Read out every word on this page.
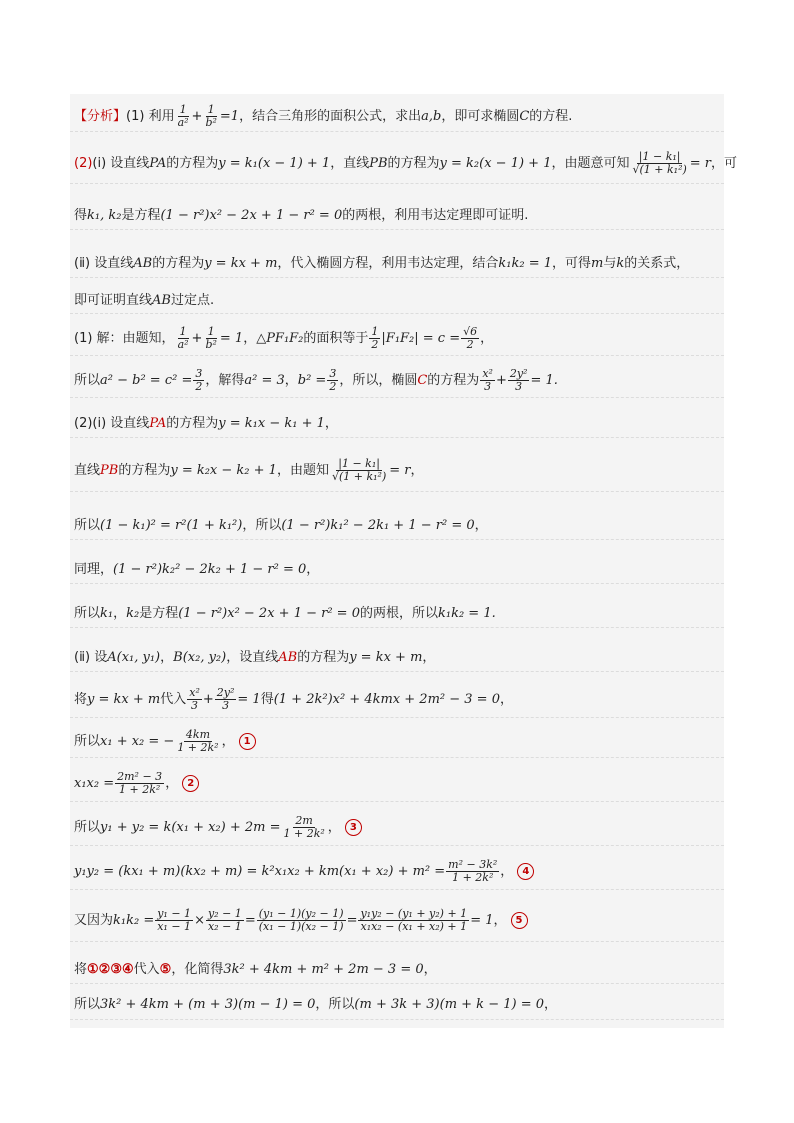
【分析】 (1) 利用 $\frac{1}{\text{a²}} + \frac{1}{\text{b²}} =1$ ，结合三角形的面积公式，求出 a,b ，即可求椭圆 C 的方程.
(2) (ⅰ) 设直线 PA 的方程为 y = k₁(x − 1) + 1 ，直线 PB 的方程为 y = k₂(x − 1) + 1 ，由题意可知 $\frac{\text{|1 − k₁|}}{\text{√(1 + k₁²)}} = r$ ，可
得 k₁, k₂ 是方程 (1 − r²)x² − 2x + 1 − r² = 0 的两根，利用韦达定理即可证明.
(ⅱ) 设直线 AB 的方程为 y = kx + m ，代入椭圆方程，利用韦达定理，结合 k₁k₂ = 1 ，可得 m 与 k 的关系式，
即可证明直线 AB 过定点.
(1) 解：由题知， $\frac{1}{\text{a²}} + \frac{1}{\text{b²}} = 1$ ，△ PF₁F₂ 的面积等于 $\frac{1}{2} |F_1F_2| = c = \frac{√6}{2}$ ，
所以 $a^2 - b^2 = c^2 = \frac{3}{2}$ ，解得 a² = 3 ， $b^2 = \frac{3}{2}$ ，所以，椭圆 C 的方程为 $\frac{\text{x²}}{3} + \frac{\text{2y²}}{3} = 1$.
(2)(ⅰ) 设直线 PA 的方程为 y = k₁x − k₁ + 1 ，
直线 PB 的方程为 y = k₂x − k₂ + 1 ，由题知 $\frac{\text{|1 − k₁|}}{\text{√(1 + k₁²)}} = r$ ，
所以 (1 − k₁)² = r²(1 + k₁²) ，所以 (1 − r²)k₁² − 2k₁ + 1 − r² = 0 ，
同理， (1 − r²)k₂² − 2k₂ + 1 − r² = 0 ，
所以 k₁ ， k₂ 是方程 (1 − r²)x² − 2x + 1 − r² = 0 的两根，所以 k₁k₂ = 1.
(ⅱ) 设 A(x₁, y₁) ， B(x₂, y₂) ，设直线 AB 的方程为 y = kx + m ，
将 y = kx + m 代入 $\frac{\text{x²}}{3} + \frac{\text{2y²}}{3} = 1$ 得 (1 + 2k²)x² + 4kmx + 2m² − 3 = 0 ，
所以 x₁ + x₂ = − $\frac{4km}{\text{1 + 2k²}}$ ， 1
$x_1x_2 = \frac{\text{2m² − 3}}{\text{1 + 2k²}}$ ， 2
所以 $y_1 + y_2 = k(x_1 + x_2) + 2m = \frac{2m}{\text{1 + 2k²}}$ ， 3
$y_1y_2 = (kx_1 + m)(kx_2 + m) = k^2x_1x_2 + km(x_1 + x_2) + m^2 = \frac{\text{m² − 3k²}}{\text{1 + 2k²}}$ ， 4
又因为 $k_1k_2 = \frac{\text{y₁ − 1}}{\text{x₁ − 1}} \times \frac{\text{y₂ − 1}}{\text{x₂ − 1}} = \frac{\text{(y₁ − 1)(y₂ − 1)}}{\text{(x₁ − 1)(x₂ − 1)}} = \frac{\text{y₁y₂ − (y₁ + y₂) + 1}}{\text{x₁x₂ − (x₁ + x₂) + 1}} = 1$ ， 5
将 ①②③④ 代入 ⑤ ，化简得 3k² + 4km + m² + 2m − 3 = 0 ，
所以 3k² + 4km + (m + 3)(m − 1) = 0 ，所以 (m + 3k + 3)(m + k − 1) = 0 ，
